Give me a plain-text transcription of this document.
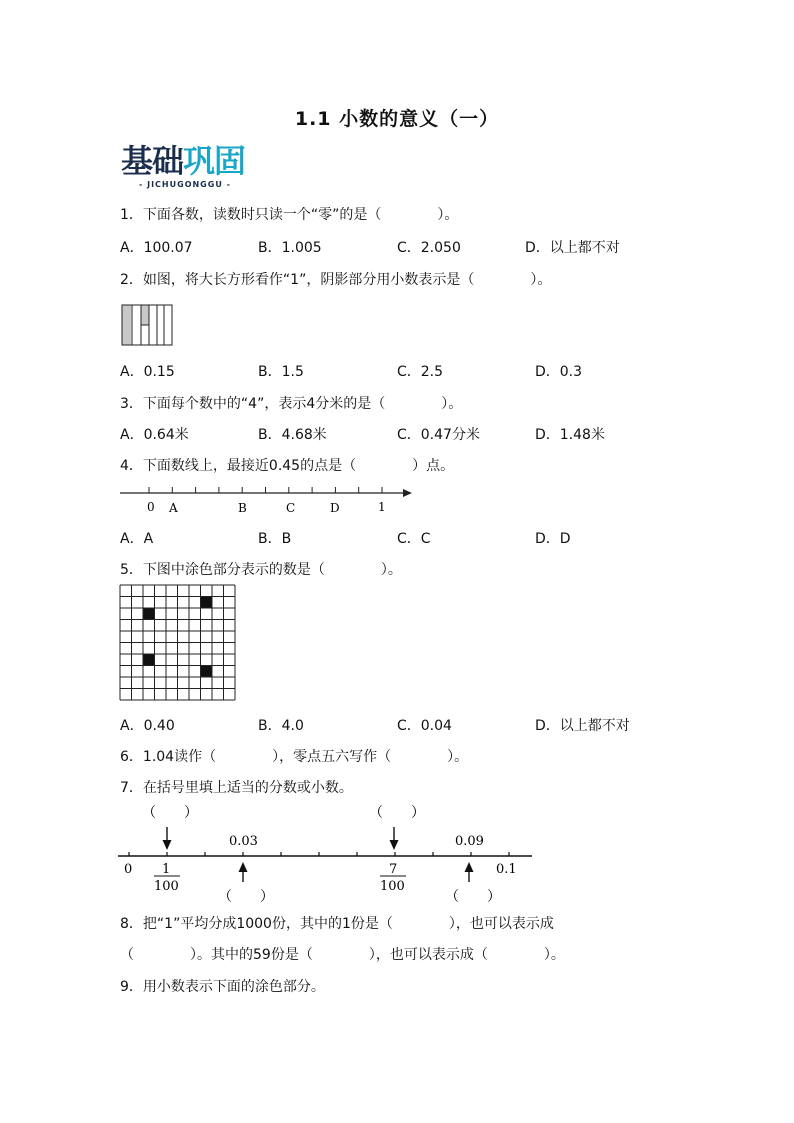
1.1 小数的意义（一）
基础巩固
- JICHUGONGGU -
1．下面各数，读数时只读一个“零”的是（　　　　）。
A．100.07	B．1.005	C．2.050	D．以上都不对
2．如图，将大长方形看作“1”，阴影部分用小数表示是（　　　　）。
A．0.15	B．1.5	C．2.5	D．0.3
3．下面每个数中的“4”，表示4分米的是（　　　　）。
A．0.64米	B．4.68米	C．0.47分米	D．1.48米
4．下面数线上，最接近0.45的点是（　　　　）点。
0 A	B	C	D	1
A．A	B．B	C．C	D．D
5．下图中涂色部分表示的数是（　　　　）。
A．0.40	B．4.0	C．0.04	D．以上都不对
6．1.04读作（　　　　），零点五六写作（　　　　）。
7．在括号里填上适当的分数或小数。
（　　）	（　　）
0.03	0.09
0	0.1
1
100
7
100
（　　）	（　　）
8．把“1”平均分成1000份，其中的1份是（　　　　），也可以表示成
（　　　　）。其中的59份是（　　　　），也可以表示成（　　　　）。
9．用小数表示下面的涂色部分。
